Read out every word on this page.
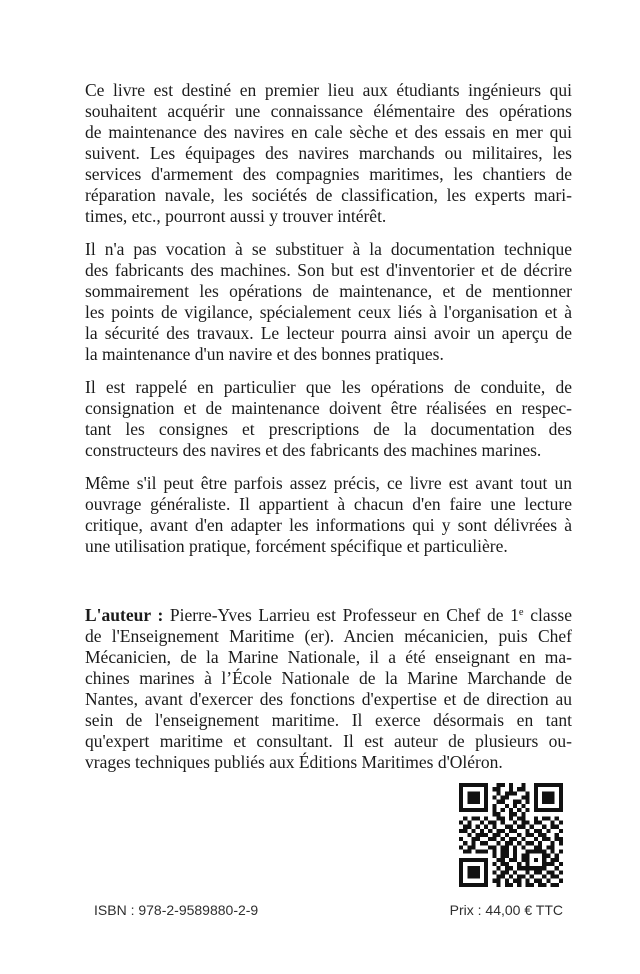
Ce livre est destiné en premier lieu aux étudiants ingénieurs qui
souhaitent acquérir une connaissance élémentaire des opérations
de maintenance des navires en cale sèche et des essais en mer qui
suivent. Les équipages des navires marchands ou militaires, les
services d'armement des compagnies maritimes, les chantiers de
réparation navale, les sociétés de classification, les experts mari-
times, etc., pourront aussi y trouver intérêt.
Il n'a pas vocation à se substituer à la documentation technique
des fabricants des machines. Son but est d'inventorier et de décrire
sommairement les opérations de maintenance, et de mentionner
les points de vigilance, spécialement ceux liés à l'organisation et à
la sécurité des travaux. Le lecteur pourra ainsi avoir un aperçu de
la maintenance d'un navire et des bonnes pratiques.
Il est rappelé en particulier que les opérations de conduite, de
consignation et de maintenance doivent être réalisées en respec-
tant les consignes et prescriptions de la documentation des
constructeurs des navires et des fabricants des machines marines.
Même s'il peut être parfois assez précis, ce livre est avant tout un
ouvrage généraliste. Il appartient à chacun d'en faire une lecture
critique, avant d'en adapter les informations qui y sont délivrées à
une utilisation pratique, forcément spécifique et particulière.
L'auteur : Pierre-Yves Larrieu est Professeur en Chef de 1e classe
de l'Enseignement Maritime (er). Ancien mécanicien, puis Chef
Mécanicien, de la Marine Nationale, il a été enseignant en ma-
chines marines à l’École Nationale de la Marine Marchande de
Nantes, avant d'exercer des fonctions d'expertise et de direction au
sein de l'enseignement maritime. Il exerce désormais en tant
qu'expert maritime et consultant. Il est auteur de plusieurs ou-
vrages techniques publiés aux Éditions Maritimes d'Oléron.
ISBN : 978-2-9589880-2-9	Prix : 44,00 € TTC
